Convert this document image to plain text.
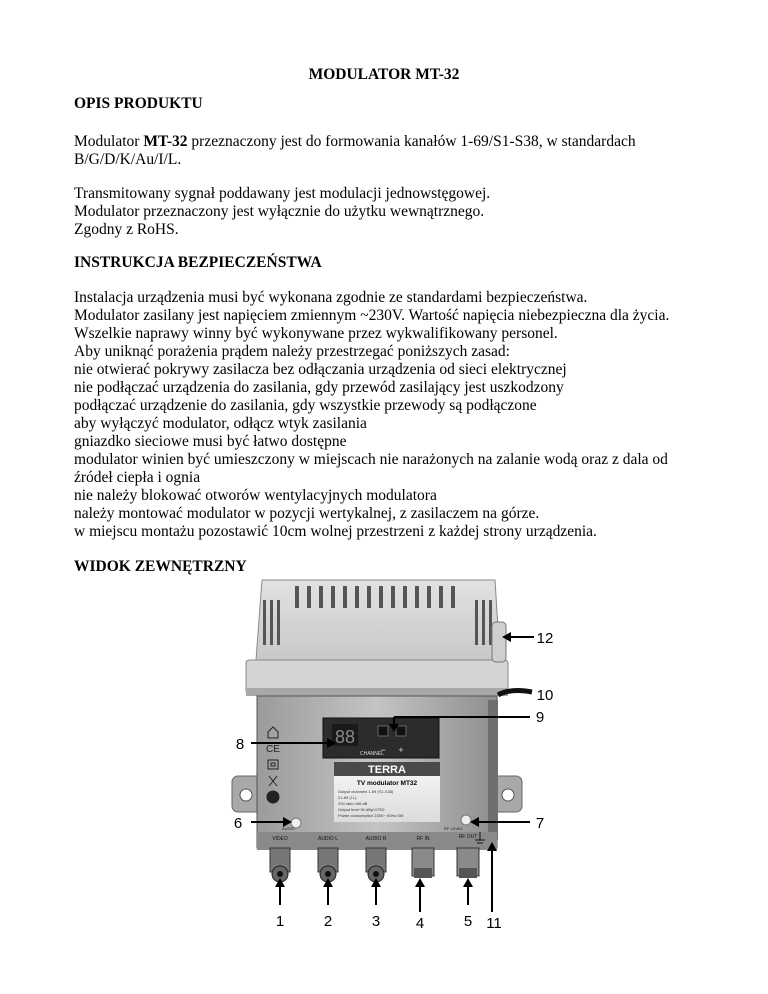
MODULATOR MT-32
OPIS PRODUKTU
Modulator MT-32 przeznaczony jest do formowania kanałów 1-69/S1-S38, w standardach
B/G/D/K/Au/I/L.
Transmitowany sygnał poddawany jest modulacji jednowstęgowej.
Modulator przeznaczony jest wyłącznie do użytku wewnątrznego.
Zgodny z RoHS.
INSTRUKCJA BEZPIECZEŃSTWA
Instalacja urządzenia musi być wykonana zgodnie ze standardami bezpieczeństwa.
Modulator zasilany jest napięciem zmiennym ~230V. Wartość napięcia niebezpieczna dla życia.
Wszelkie naprawy winny być wykonywane przez wykwalifikowany personel.
Aby uniknąć porażenia prądem należy przestrzegać poniższych zasad:
nie otwierać pokrywy zasilacza bez odłączania urządzenia od sieci elektrycznej
nie podłączać urządzenia do zasilania, gdy przewód zasilający jest uszkodzony
podłączać urządzenie do zasilania, gdy wszystkie przewody są podłączone
aby wyłączyć modulator, odłącz wtyk zasilania
gniazdko sieciowe musi być łatwo dostępne
modulator winien być umieszczony w miejscach nie narażonych na zalanie wodą oraz z dala od
źródeł ciepła i ognia
nie należy blokować otworów wentylacyjnych modulatora
należy montować modulator w pozycji wertykalnej, z zasilaczem na górze.
w miejscu montażu pozostawić 10cm wolnej przestrzeni z każdej strony urządzenia.
WIDOK ZEWNĘTRZNY
88
CHANNEL
− +
TERRA
TV modulator MT32
Output channels 1-69 (S1-S38)
21-69 (I.L)
S/N ratio ≥56 dB
Output level 90 dBμV/75Ω
Power consumption 230V~ 50Hz 5W
CE
AUDIO	RF LEVEL
VIDEO	AUDIO L	AUDIO R	RF IN	RF OUT
1	2	3 4	5 11
6	7
8
9
10
12
